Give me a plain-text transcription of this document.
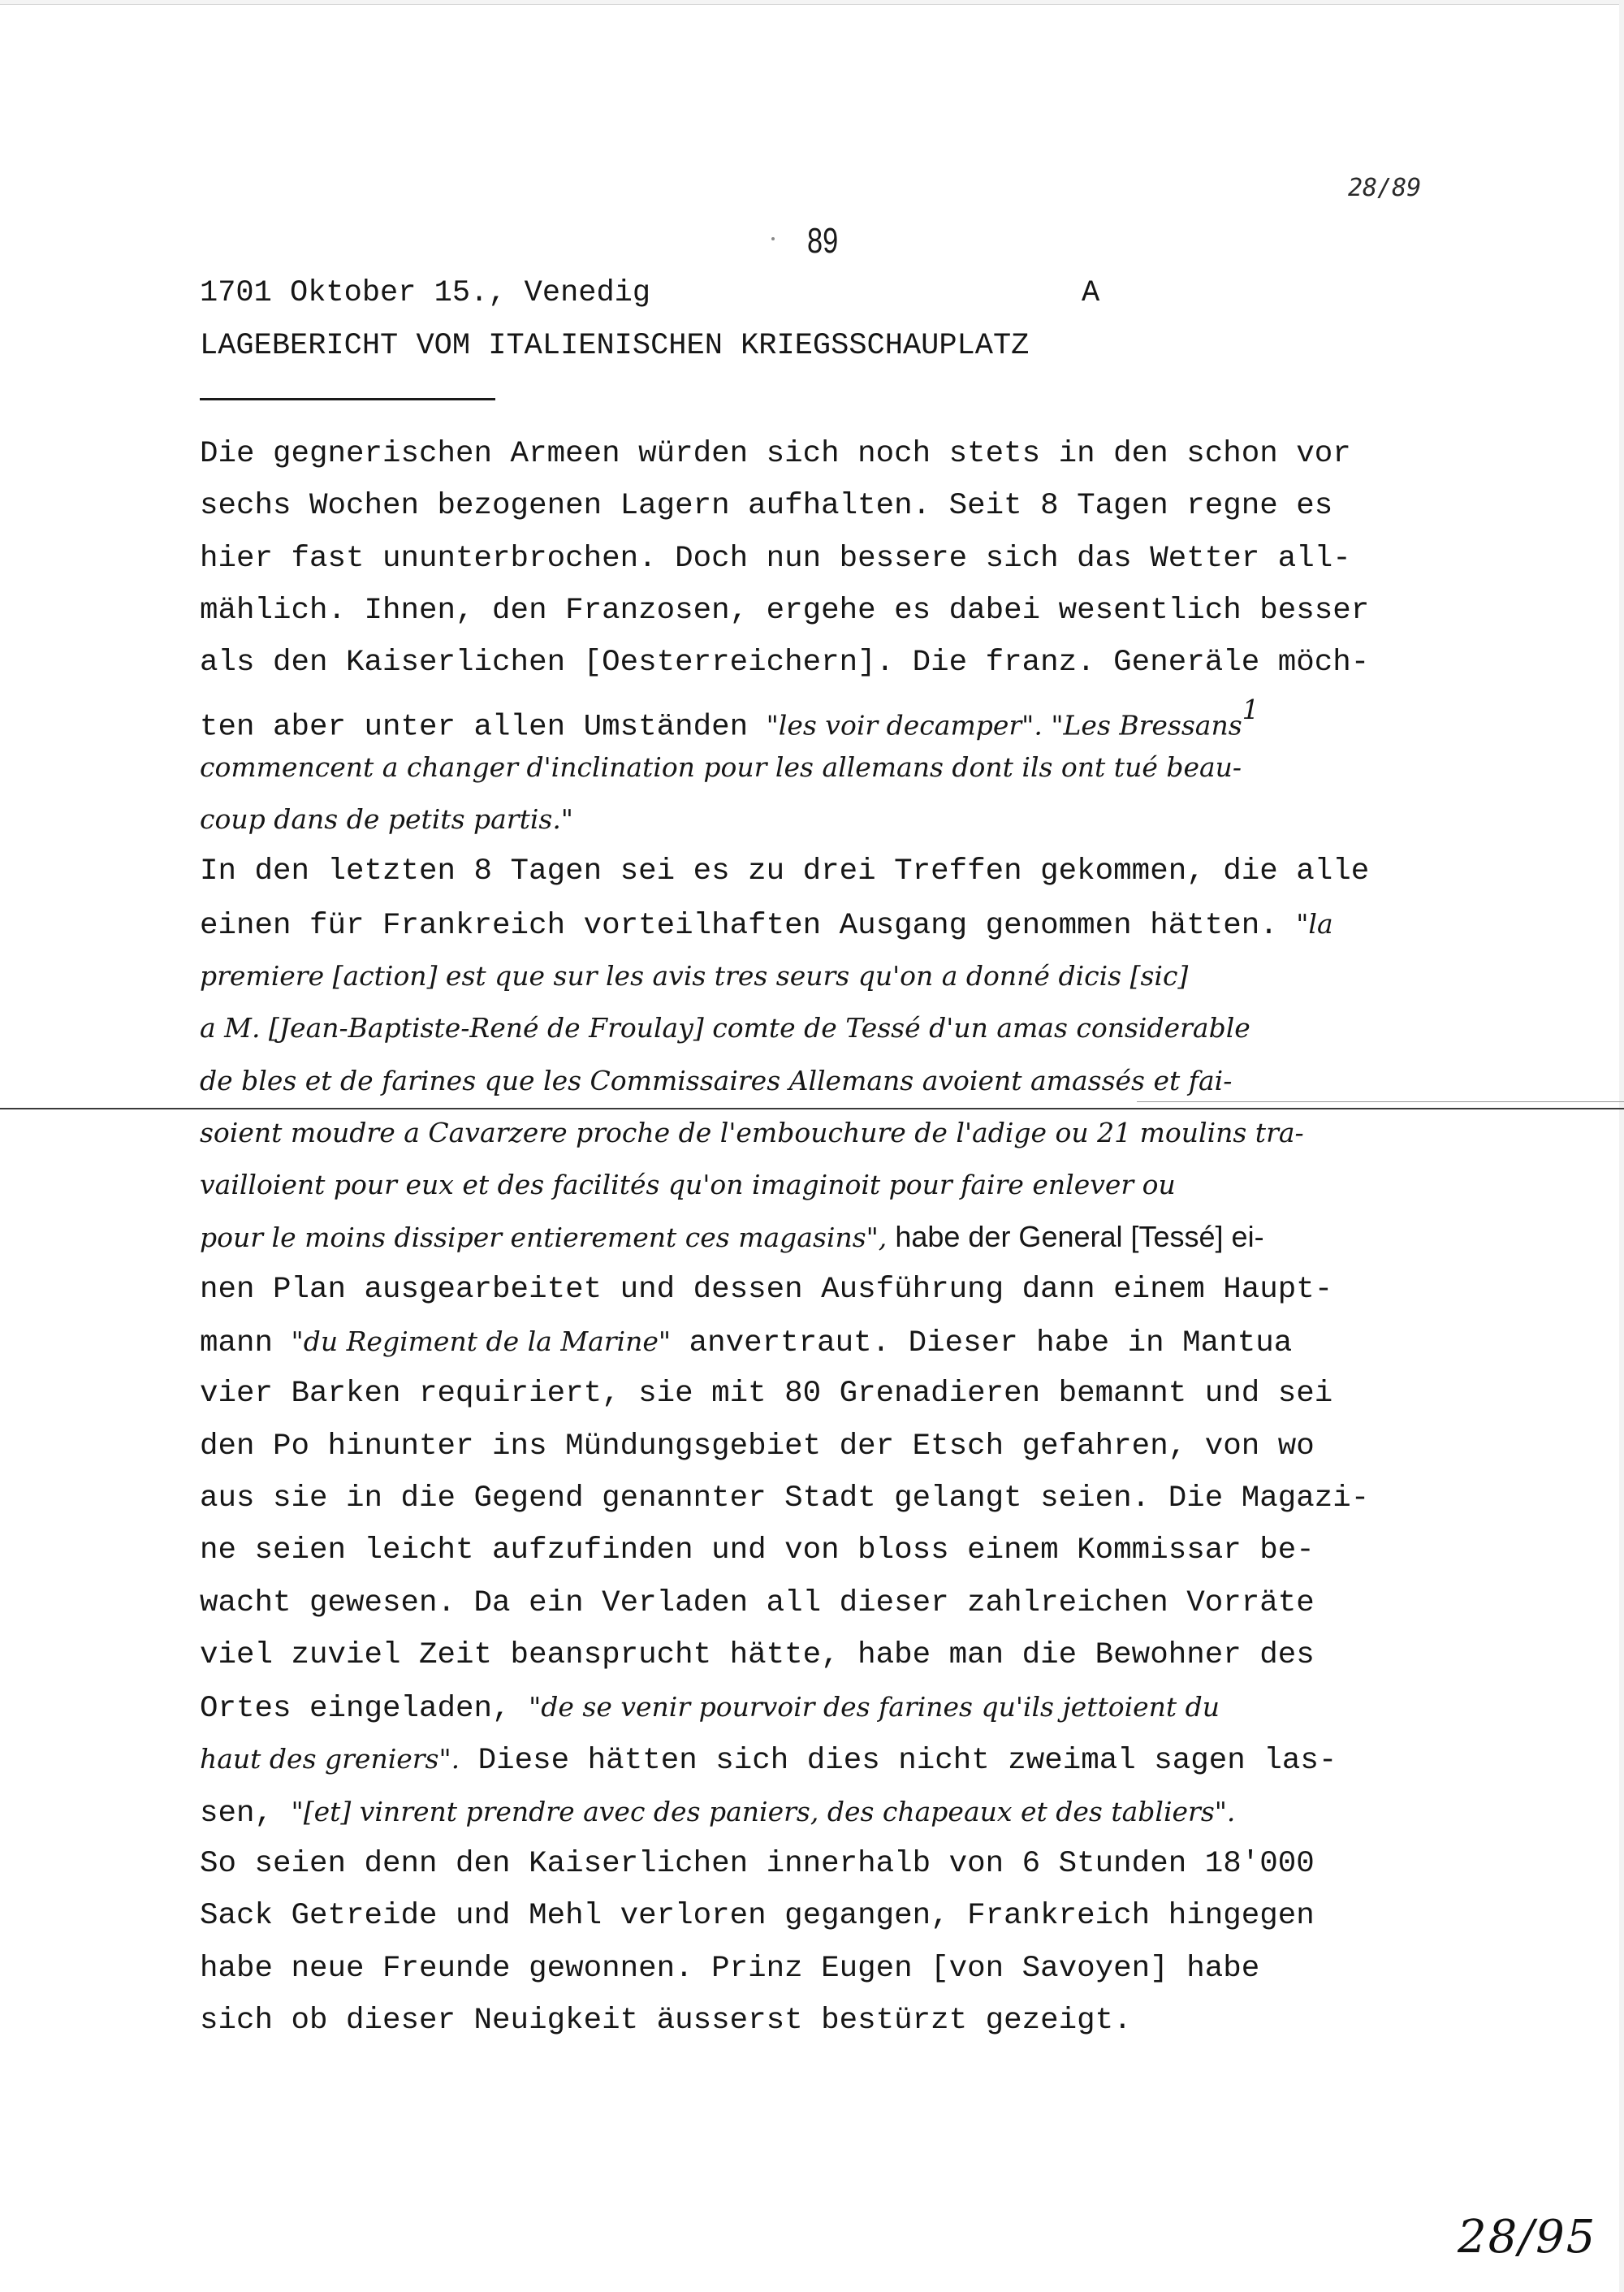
28/89
89
1701 Oktober 15., Venedig	A
LAGEBERICHT VOM ITALIENISCHEN KRIEGSSCHAUPLATZ
Die gegnerischen Armeen würden sich noch stets in den schon vor
sechs Wochen bezogenen Lagern aufhalten. Seit 8 Tagen regne es
hier fast ununterbrochen. Doch nun bessere sich das Wetter all-
mählich. Ihnen, den Franzosen, ergehe es dabei wesentlich besser
als den Kaiserlichen [Oesterreichern]. Die franz. Generäle möch-
ten aber unter allen Umständen "les voir decamper". "Les Bressans$^1$
commencent a changer d'inclination pour les allemans dont ils ont tué beau-
coup dans de petits partis."
In den letzten 8 Tagen sei es zu drei Treffen gekommen, die alle
einen für Frankreich vorteilhaften Ausgang genommen hätten. "la
premiere [action] est que sur les avis tres seurs qu'on a donné dicis [sic]
a M. [Jean-Baptiste-René de Froulay] comte de Tessé d'un amas considerable
de bles et de farines que les Commissaires Allemans avoient amassés et fai-
soient moudre a Cavarzere proche de l'embouchure de l'adige ou 21 moulins tra-
vailloient pour eux et des facilités qu'on imaginoit pour faire enlever ou
pour le moins dissiper entierement ces magasins", habe der General [Tessé] ei-
nen Plan ausgearbeitet und dessen Ausführung dann einem Haupt-
mann "du Regiment de la Marine" anvertraut. Dieser habe in Mantua
vier Barken requiriert, sie mit 80 Grenadieren bemannt und sei
den Po hinunter ins Mündungsgebiet der Etsch gefahren, von wo
aus sie in die Gegend genannter Stadt gelangt seien. Die Magazi-
ne seien leicht aufzufinden und von bloss einem Kommissar be-
wacht gewesen. Da ein Verladen all dieser zahlreichen Vorräte
viel zuviel Zeit beansprucht hätte, habe man die Bewohner des
Ortes eingeladen, "de se venir pourvoir des farines qu'ils jettoient du
haut des greniers". Diese hätten sich dies nicht zweimal sagen las-
sen, "[et] vinrent prendre avec des paniers, des chapeaux et des tabliers".
So seien denn den Kaiserlichen innerhalb von 6 Stunden 18'000
Sack Getreide und Mehl verloren gegangen, Frankreich hingegen
habe neue Freunde gewonnen. Prinz Eugen [von Savoyen] habe
sich ob dieser Neuigkeit äusserst bestürzt gezeigt.
28/95
